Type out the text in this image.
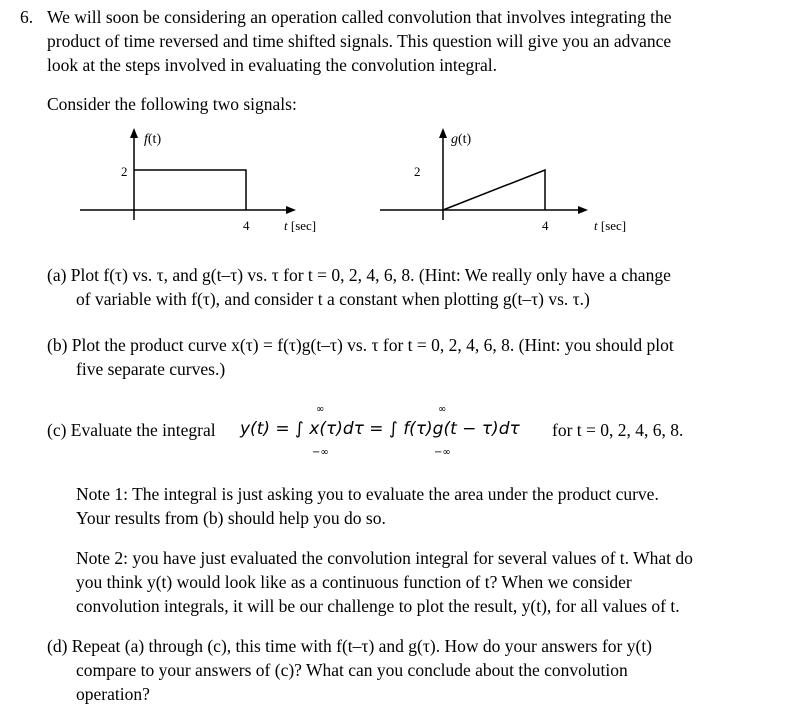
6. We will soon be considering an operation called convolution that involves integrating the
product of time reversed and time shifted signals. This question will give you an advance
look at the steps involved in evaluating the convolution integral.
Consider the following two signals:
f(t)
2
4	t [sec]
g(t)
2
4	t [sec]
(a) Plot f(τ) vs. τ, and g(t–τ) vs. τ for t = 0, 2, 4, 6, 8. (Hint: We really only have a change
of variable with f(τ), and consider t a constant when plotting g(t–τ) vs. τ.)
(b) Plot the product curve x(τ) = f(τ)g(t–τ) vs. τ for t = 0, 2, 4, 6, 8. (Hint: you should plot
five separate curves.)
(c) Evaluate the integral y(t) = ∫ x(τ)dτ = ∫ f(τ)g(t − τ)dτ
∞
−∞
∞
−∞
for t = 0, 2, 4, 6, 8.
Note 1: The integral is just asking you to evaluate the area under the product curve.
Your results from (b) should help you do so.
Note 2: you have just evaluated the convolution integral for several values of t. What do
you think y(t) would look like as a continuous function of t? When we consider
convolution integrals, it will be our challenge to plot the result, y(t), for all values of t.
(d) Repeat (a) through (c), this time with f(t–τ) and g(τ). How do your answers for y(t)
compare to your answers of (c)? What can you conclude about the convolution
operation?
